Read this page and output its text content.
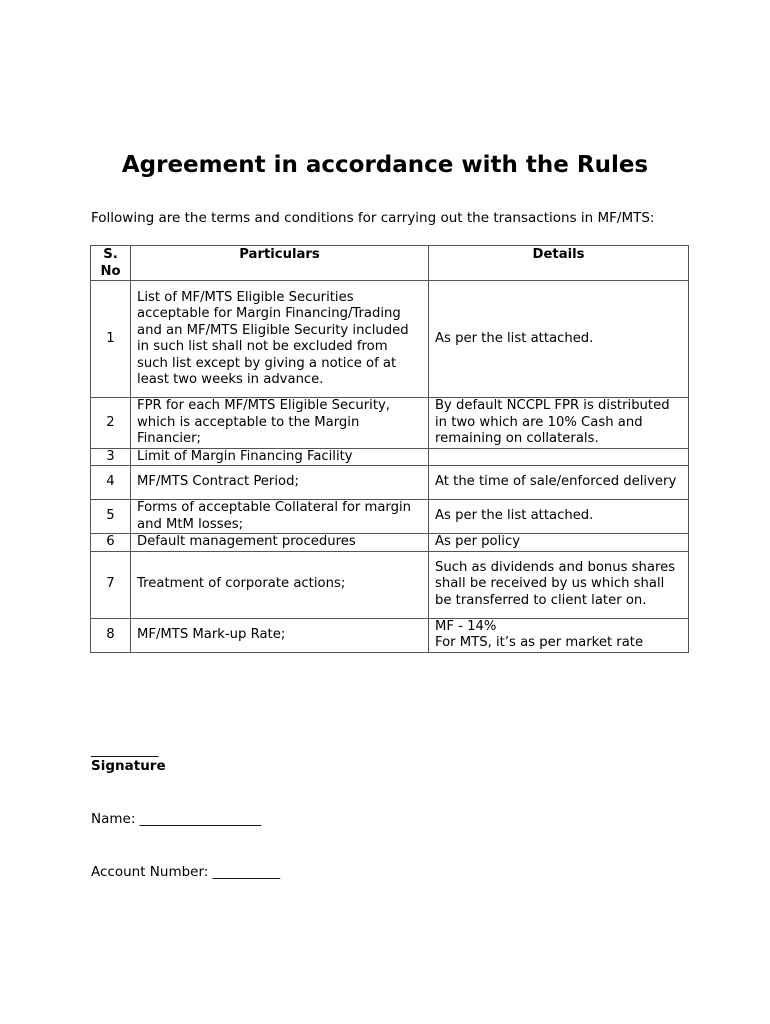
Agreement in accordance with the Rules

Following are the terms and conditions for carrying out the transactions in MF/MTS:

S.
No	Particulars	Details
1	List of MF/MTS Eligible Securities acceptable for Margin Financing/Trading and an MF/MTS Eligible Security included in such list shall not be excluded from such list except by giving a notice of at least two weeks in advance.	As per the list attached.
2	FPR for each MF/MTS Eligible Security, which is acceptable to the Margin Financier;	By default NCCPL FPR is distributed in two which are 10% Cash and remaining on collaterals.
3	Limit of Margin Financing Facility	
4	MF/MTS Contract Period;	At the time of sale/enforced delivery
5	Forms of acceptable Collateral for margin and MtM losses;	As per the list attached.
6	Default management procedures	As per policy
7	Treatment of corporate actions;	Such as dividends and bonus shares shall be received by us which shall be transferred to client later on.
8	MF/MTS Mark-up Rate;	MF - 14%
For MTS, it’s as per market rate
__________
Signature
Name: __________________
Account Number: __________
